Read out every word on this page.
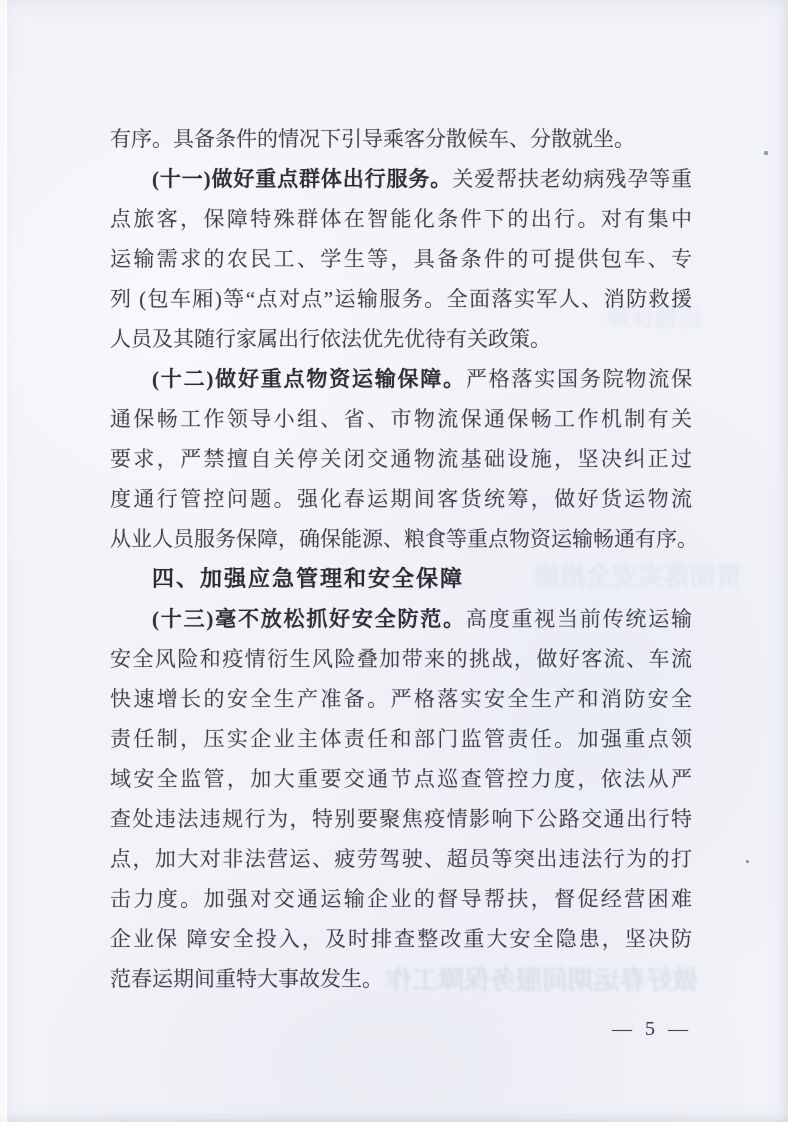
有序。具备条件的情况下引导乘客分散候车、分散就坐。
(十一)做好重点群体出行服务。关爱帮扶老幼病残孕等重
点旅客，保障特殊群体在智能化条件下的出行。对有集中
运输需求的农民工、学生等，具备条件的可提供包车、专
列 (包车厢)等“点对点”运输服务。全面落实军人、消防救援
人员及其随行家属出行依法优先优待有关政策。
(十二)做好重点物资运输保障。严格落实国务院物流保
通保畅工作领导小组、省、市物流保通保畅工作机制有关
要求，严禁擅自关停关闭交通物流基础设施，坚决纠正过
度通行管控问题。强化春运期间客货统筹，做好货运物流
从业人员服务保障，确保能源、粮食等重点物资运输畅通有序。
四、加强应急管理和安全保障
(十三)毫不放松抓好安全防范。高度重视当前传统运输
安全风险和疫情衍生风险叠加带来的挑战，做好客流、车流
快速增长的安全生产准备。严格落实安全生产和消防安全
责任制，压实企业主体责任和部门监管责任。加强重点领
域安全监管，加大重要交通节点巡查管控力度，依法从严
查处违法违规行为，特别要聚焦疫情影响下公路交通出行特
点，加大对非法营运、疲劳驾驶、超员等突出违法行为的打
击力度。加强对交通运输企业的督导帮扶，督促经营困难
企业保 障安全投入，及时排查整改重大安全隐患，坚决防
范春运期间重特大事故发生。
— 5 —
贯彻落实安全措施
运输保障
做好春运期间服务保障工作
